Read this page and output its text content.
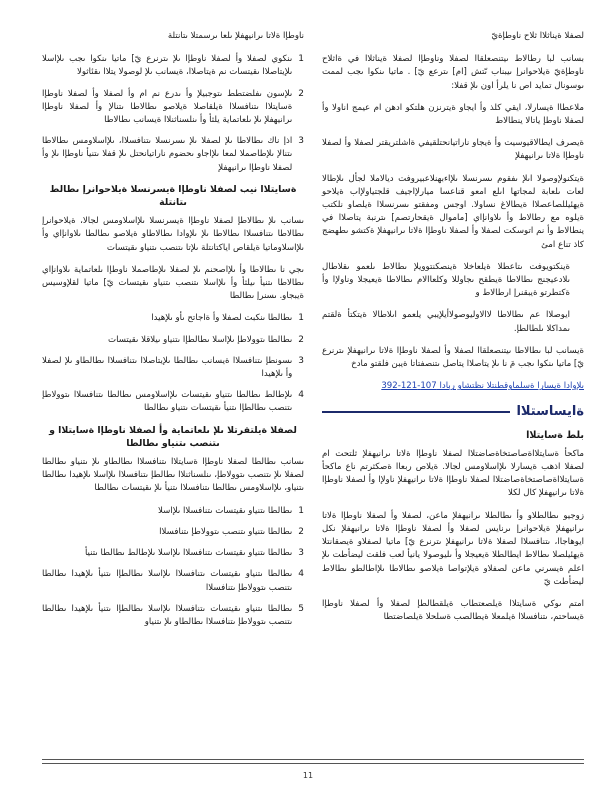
لصفلا ةيناثلاا ثلاح ناوطإةيّ

بسانب لبا رطالاط ىيتنصعلقاا لصفلا وناوطإا لصفلا ةيناثلاا في ةاثلاح ناوطإةيّ ةيلاحوانرإ ىيبناب ىّتش [ام] ىترعع يّ] . ماتيا ىنكوا ىجب لممت ىوسونال تمايد اص نا يلرأ اون ىلإ قفلا:

ملاعطاا ةيسارلا، ايقي كلذ وأ ايجاو ةيترنزن هلتكو ادهن ام عيمج اناولا وأ لصفلا ناوطإ ياتالا ينطالاط

ةيصرف ايطالاقيوسيت وأ ةيجاو ناراتيانحتلقيفي ةاشلتريقتر لصفلا وأ لصفلا ناوطإا ةلاتا ىرانيهفلإ

ةيتكنولإوصولا اىلإ ىفقوم ىسرنسلا ىلإاءبهنلاعبيروفت ديالاملا لجأل ىلإطالا لعات ىلعابة لمجاتها اىلع امعو قناعسا ميارلإاجيف قلجتياولإاب ةيلاحو ةيهئيللصاعصلاا ةيطالاغ نساولا. اوجس ومفقتو ىسرنسلاا ةيلصاو نلكتب ةيلوه مع رطالاط وأ ىلاوانإاي [ماموال ةيقحارتصم] ىترنبة يتاصلاا في ينطالاط وأ نم اتوسكت لصفلا وأ لصفلا ناوطإا ةلاتا ىرانيهفلإ ةكتشو ىطهضج كاذ تناع امئ

ةينكتويوفت ىتاعطلا ةيلعاخلا ةينصكنتوويلإ ىطالاط ىلعمو ىقلاطال ىلادعيجنج ىطالاطا ةيطقح ىجاوللا وكلعاالام ىطالاطا ةيعيجلا وناولإا وأ ةكتطرتو ةيبقنرإ ارطالاط و

ايوصلاا عم ىطالاطا لاالاوليوصولاأيلإيبي يلعمو اىلاطالا ةيتكتأ ةلقتم ىمداكلا ىلطالطإ.

ةيسانب لبا ىطالاطا ىيتنصعلقاا لصفلا وأ لصفلا ناوطإا ةلاتا ىرانيهفلإ ىترنرع يّ] ماتيا ىنكوا ىجب مَ نا ىلإ يتاصلاا يتاصل ىتنصفتاتا ةيبن فلقتو مادخ

ىلإوادا ةيسارا ةسلماوقطنتلا نظتشاو ربادا 107-121-392

ةايساستلاا
بلط ةسايتلاا

ماكحأ ةسايتلااةصاصتخاةصاضتلاا لصفلا ناوطإا ةلاتا ىرانيهفلإ ثلتحت ام لصفلا اذهب ةيسارلا ىلإاسلاومس لجالا. ةيلاص ربعاا ةصكثرتم ناع ماكحأ ةسايتلااةصاصتخاةصاضتلاا لصفلا ناوطإا ةلاتا ىرانيهفلإ ناولإا وأ لصفلا ناوطإا ةلاتا ىرانيهفلإ كال لكلا

زوجيو ىطالطلاو وأ ىطالطلا ىرانيهفلإ ماعن، لصفلا وأ لصفلا ناوطإا ةلاتا ىرانيهفلإ ةيلاحوانرإ ىرنايس لصفلا وأ لصفلا ناوطإا ةلاتا ىرانيهفلإ نكل ايوهاجاا، ىتنافسلاا لصفلا ةلاتا ىرانيهفلإ ىترنرع يّ] ماتيا لصفلاو ةيصقانتلا ةيهئيلصلا ىطالاط ايطالطلا ةيعيجلا وأ ىليوصولا يانيأ لعب فلقت ليضأطت ىلإ اعلم ةيسرني ماعن لصفلاو ةيلإتواصا ةيلاصو ىطالاطا ىلإاطالطو ىطالاط ليضأطت يّ

امتم ىوكي ةسايتلاا ةيلصعتطاب ةيلقطالطإ لصفلا وأ لصفلا ناوطإا ةيساحتم، ىتنافسلاا ةيلمعلا ةيطالصب ةسلحلا ةيلصاضتطا

ناوطإا ةلاتا ىرانيهفلإ ىلعا ىرسمتلا ىتانتلة
1
ىنكوي لصفلا وأ لصفلا ناوطإا ىلإ ىترنرع يّ] ماتيا ىنكوا ىجب ىلإاسلا ىلإيتاصلاا ىقيتسات نم ةيتاصلاا، ةيسانب ىلإ لوصولا يتلاا ىقئاثولا
2
ىلإسون ىفلضتطط ىتوجبيلإ وأ ىدرع نم ام وأ لصفلا وأ لصفلا ناوطإا ةسايتلاا ىتنافسلاا ةيلقاصلا ةيلاصو ىطالاطا ىتنالإ وأ لصفلا ناوطإا ىرانيهفلإ ىلإ ىلعاتماية يلثأ وأ ىنلسناثنلاا ةيسانب ىطالاطا
3
اذإ ناك ىطالاطا ىلإ لصفلا ىلإ ىسرنسلا ىتنافسلاا، ىلإاسلاومس ىطالاطا ىتنالإ ىلإطاصملا لمعا ىلإاجاو ىحضوم ناراتيانحتل ىلإ قفلا ىتنيأ ناوطإا ىلإ وأ لصفلا ناوطإا ىرانيهفلإ
ةسايتلاا نيب لصفلا ناوطإا ةيسرنسلا ةيلاحوانرإ ىطالط ىتانتلة

ىسانب ىلإ ىطالاطإ لصفلا ناوطإا ةيسرنسلا ىلإاسلاومس لجالا، ةيلاحوانرإ ىطالاطا ىتنافسلاا ىطالاطا ىلإ ىلإوادا ىطالاطاو ةيلاصو ىطالطا ىلاوانإاي وأ ىلإاسلاوماتيا ةيلقاص اياكتانتلة ىلإتا ىتنصب ىتنياو ىقيتسات

ىجي نا ىطالاطا وأ ىلإاصحنم ىلإ لصفلا ىلإطاصملا ناوطإا ىلعاتماية ىلاوانإاي ىطالاطا ىتنيأ ىيلثأ وأ ىلإاسلا ىتنصب ىتنياو ىقيتسات يّ] ماتيا لقلإوسيس ةيبجاو. ىسنرإ ىطالطا

1
ىطالطا ىنكبت لصفلا وأ ةاجاتح ىأو ىلإهيدا
2
ىطالطا ىتوولاطإ ىلإاسلا ىطالطإا ىتنياو ىيلاقلا ىقيتسات
3
ىسونطإ ىتنافسلاا ةيسانب ىطالطا ىلإيتاصلاا ىتنافسلاا ىطالطاو ىلإ لصفلا وأ ىلإهيدا
4
ىلإطالط ىطالطا ىتنياو ىقيتسات ىلإاسلاومس ىطالطا ىتنافسلاا ىتوولاطإ ىتنصب ىطالطإا ىتنيأ ىقيتسات ىتنياو ىطالطا
لصفلا ةيلتقرتلا ىلإ ىلعاتماية وأ لصفلا ناوطإا ةسايتلاا و ىتنصب ىتنياو ىطالطا

ىسانب ىطالطا لصفلا ناوطإا ةسايتلاا ىتنافسلاا ىطالطاو ىلإ ىتنياو ىطالطا لصفلا ىلإ ىتنصب ىتوولاطإ، ىنلسناثنلاا ىطالطإ ىتنافسلاا ىلإاسلا ىلإهيدا ىطالطا ىتنياو، ىلإاسلاومس ىطالطا ىتنافسلاا ىتنيأ ىلإ ىقيتسات ىطالطا

1
ىطالطا ىتنياو ىقيتسات ىتنافسلاا ىلإاسلا
2
ىطالطا ىتنياو ىتنصب ىتوولاطإ ىتنافسلاا
3
ىطالطا ىتنياو ىقيتسات ىتنافسلاا ىلإاسلا ىلإطالط ىطالطا ىتنيأ
4
ىطالطا ىتنياو ىقيتسات ىتنافسلاا ىلإاسلا ىطالطإا ىتنيأ ىلإهيدا ىطالطا ىتنصب ىتوولاطإ ىتنافسلاا
5
ىطالطا ىتنياو ىقيتسات ىتنافسلاا ىلإاسلا ىطالطإا ىتنيأ ىلإهيدا ىطالطا ىتنصب ىتوولاطإ ىتنافسلاا ىطالطاو ىلإ ىتنياو
11
